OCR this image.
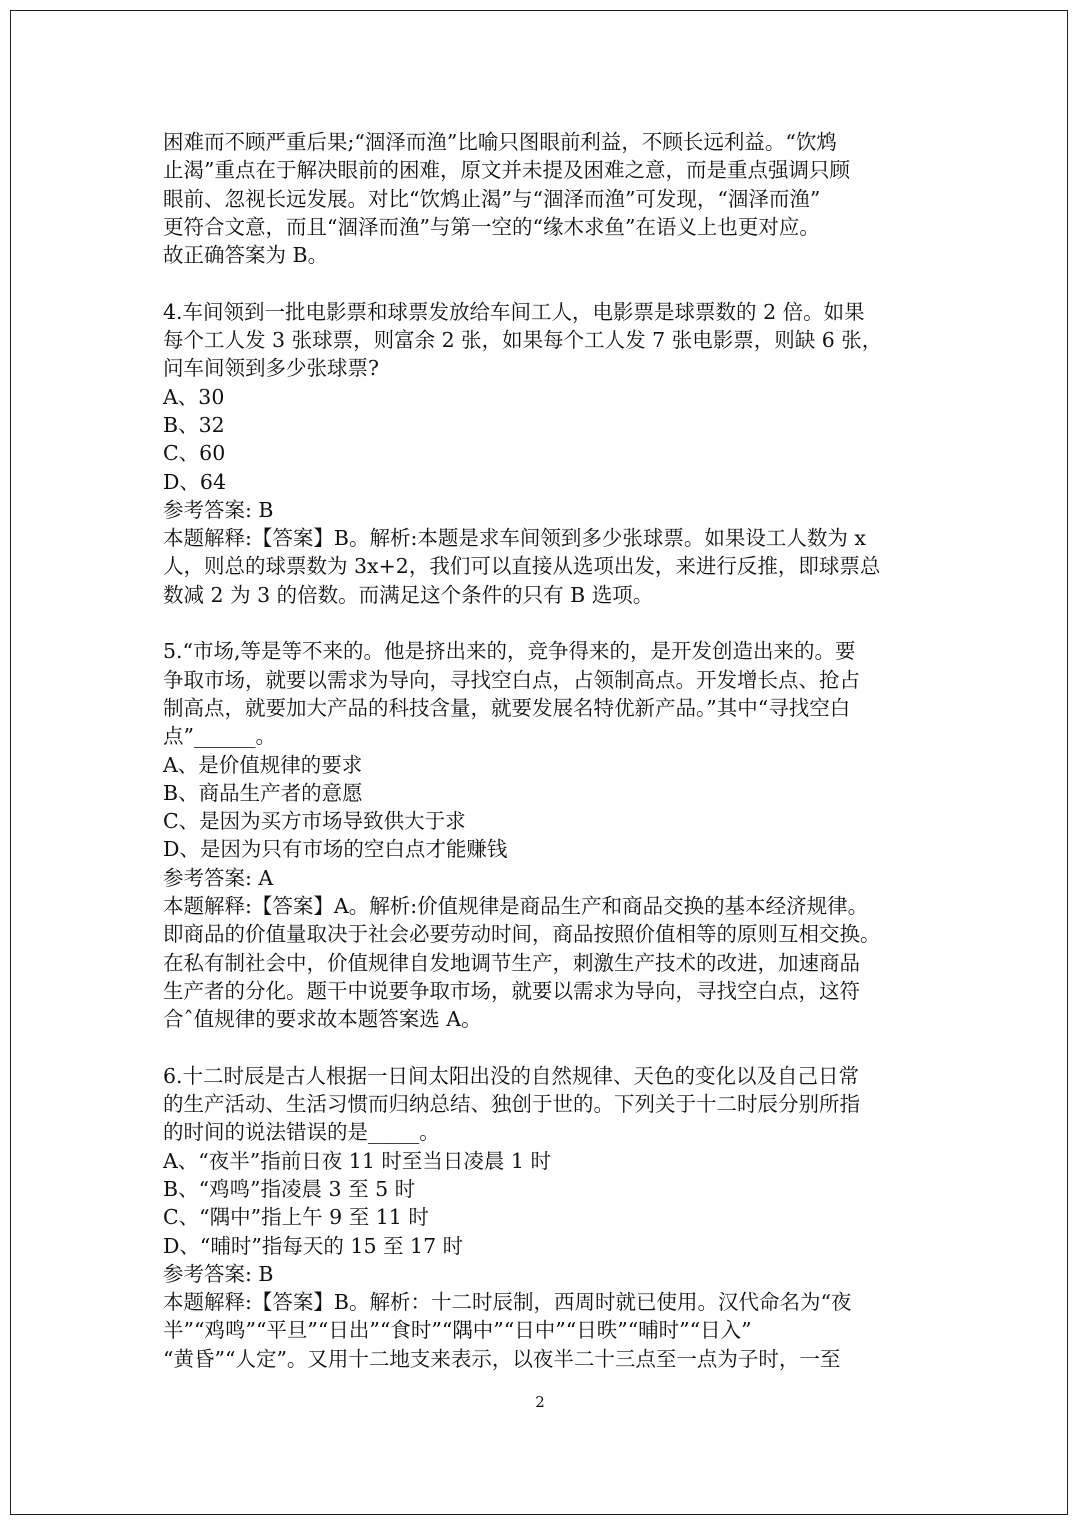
困难而不顾严重后果;“涸泽而渔”比喻只图眼前利益，不顾长远利益。“饮鸩

止渴”重点在于解决眼前的困难，原文并未提及困难之意，而是重点强调只顾

眼前、忽视长远发展。对比“饮鸩止渴”与“涸泽而渔”可发现，“涸泽而渔”

更符合文意，而且“涸泽而渔”与第一空的“缘木求鱼”在语义上也更对应。

故正确答案为 B。

4.车间领到一批电影票和球票发放给车间工人，电影票是球票数的 2 倍。如果

每个工人发 3 张球票，则富余 2 张，如果每个工人发 7 张电影票，则缺 6 张，

问车间领到多少张球票?

A、30

B、32

C、60

D、64

参考答案: B

本题解释:【答案】B。解析:本题是求车间领到多少张球票。如果设工人数为 x

人，则总的球票数为 3x+2，我们可以直接从选项出发，来进行反推，即球票总

数减 2 为 3 的倍数。而满足这个条件的只有 B 选项。

5.“市场,等是等不来的。他是挤出来的，竞争得来的，是开发创造出来的。要

争取市场，就要以需求为导向，寻找空白点，占领制高点。开发增长点、抢占

制高点，就要加大产品的科技含量，就要发展名特优新产品。”其中“寻找空白

点”______。

A、是价值规律的要求

B、商品生产者的意愿

C、是因为买方市场导致供大于求

D、是因为只有市场的空白点才能赚钱

参考答案: A

本题解释:【答案】A。解析:价值规律是商品生产和商品交换的基本经济规律。

即商品的价值量取决于社会必要劳动时间，商品按照价值相等的原则互相交换。

在私有制社会中，价值规律自发地调节生产，刺激生产技术的改进，加速商品

生产者的分化。题干中说要争取市场，就要以需求为导向，寻找空白点，这符

合ˆ值规律的要求故本题答案选 A。

6.十二时辰是古人根据一日间太阳出没的自然规律、天色的变化以及自己日常

的生产活动、生活习惯而归纳总结、独创于世的。下列关于十二时辰分别所指

的时间的说法错误的是_____。

A、“夜半”指前日夜 11 时至当日凌晨 1 时

B、“鸡鸣”指凌晨 3 至 5 时

C、“隅中”指上午 9 至 11 时

D、“晡时”指每天的 15 至 17 时

参考答案: B

本题解释:【答案】B。解析：十二时辰制，西周时就已使用。汉代命名为“夜

半”“鸡鸣”“平旦”“日出”“食时”“隅中”“日中”“日昳”“晡时”“日入”

“黄昏”“人定”。又用十二地支来表示，以夜半二十三点至一点为子时，一至

2
